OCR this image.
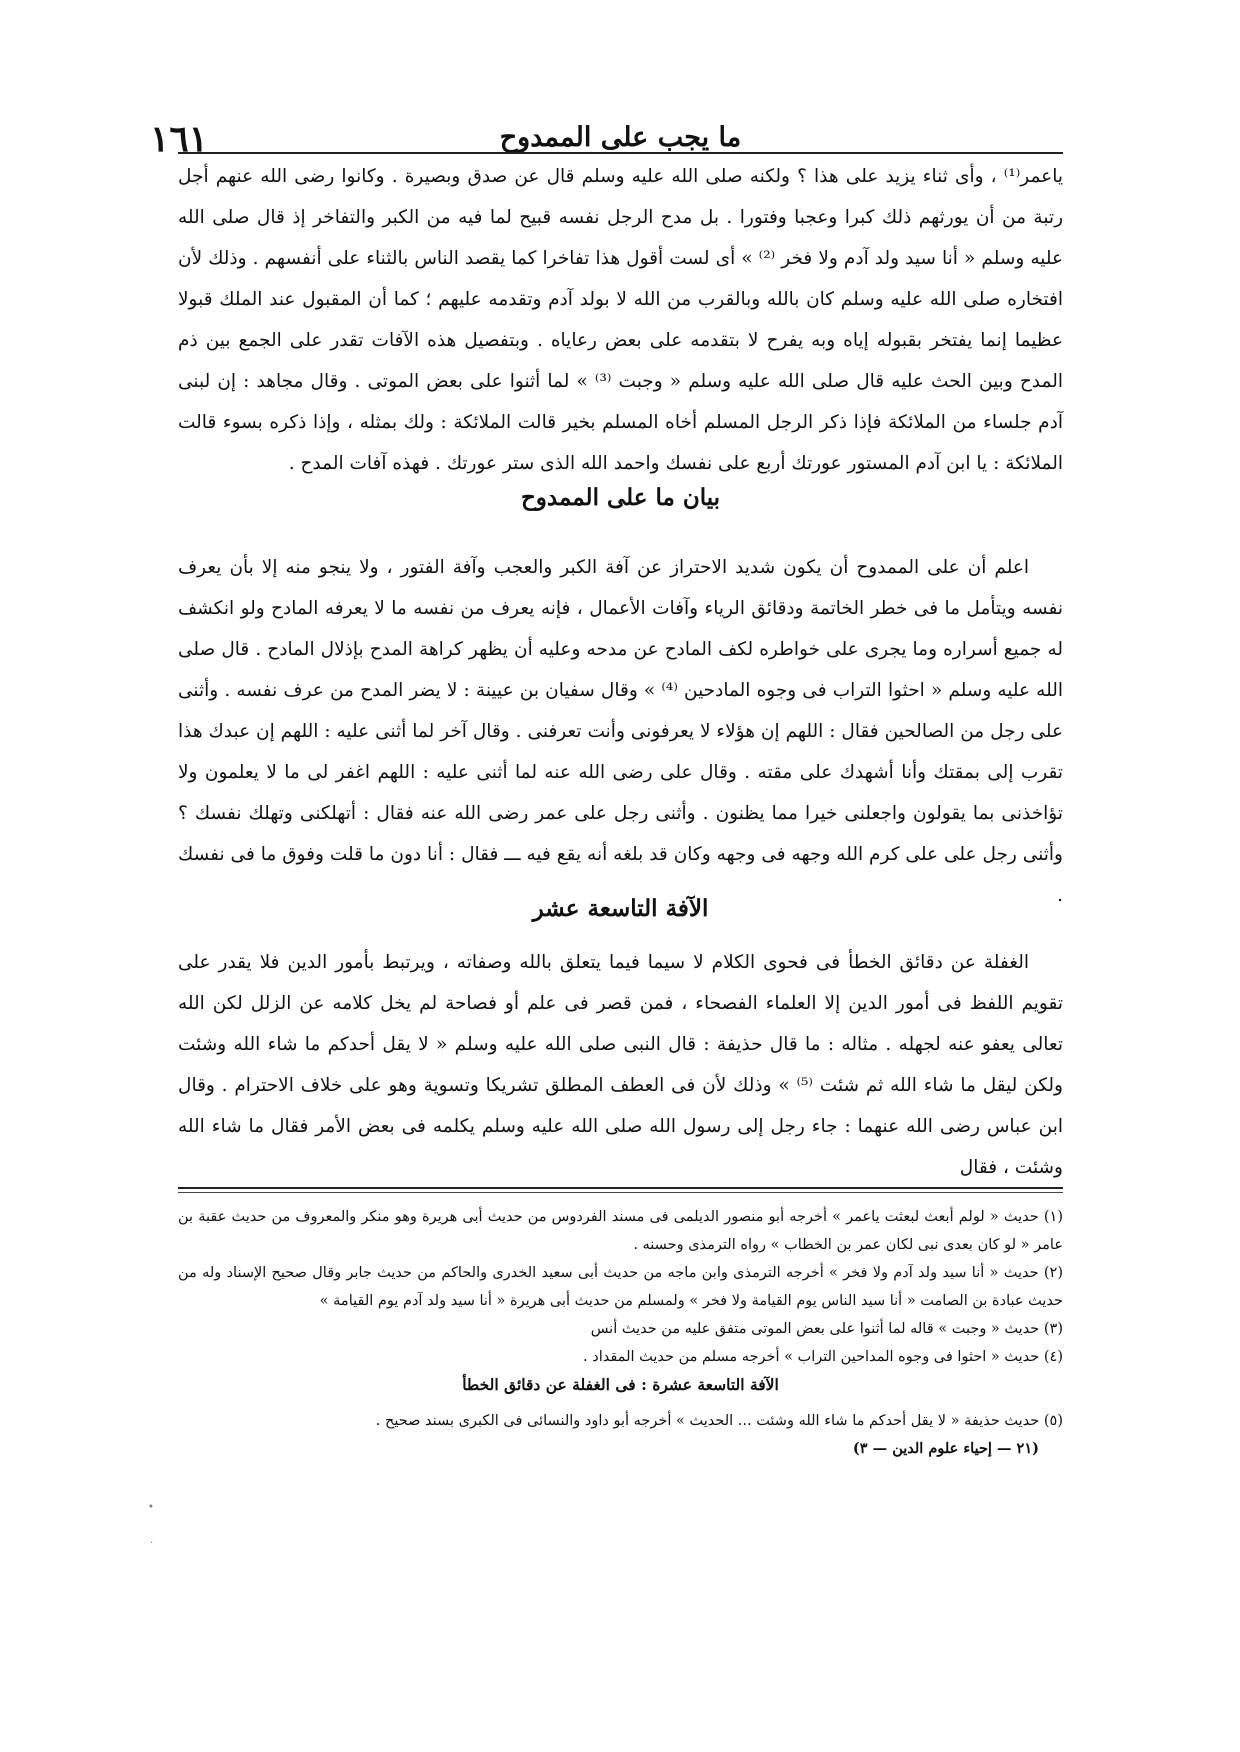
ما يجب على الممدوح
١٦١

ياعمر⁽¹⁾ ، وأى ثناء يزيد على هذا ؟ ولكنه صلى الله عليه وسلم قال عن صدق وبصيرة . وكانوا رضى الله عنهم أجل رتبة من أن يورثهم ذلك كبرا وعجبا وفتورا . بل مدح الرجل نفسه قبيح لما فيه من الكبر والتفاخر إذ قال صلى الله عليه وسلم « أنا سيد ولد آدم ولا فخر ⁽²⁾ » أى لست أقول هذا تفاخرا كما يقصد الناس بالثناء على أنفسهم . وذلك لأن افتخاره صلى الله عليه وسلم كان بالله وبالقرب من الله لا بولد آدم وتقدمه عليهم ؛ كما أن المقبول عند الملك قبولا عظيما إنما يفتخر بقبوله إياه وبه يفرح لا بتقدمه على بعض رعاياه . وبتفصيل هذه الآفات تقدر على الجمع بين ذم المدح وبين الحث عليه قال صلى الله عليه وسلم « وجبت ⁽³⁾ » لما أثنوا على بعض الموتى . وقال مجاهد : إن لبنى آدم جلساء من الملائكة فإذا ذكر الرجل المسلم أخاه المسلم بخير قالت الملائكة : ولك بمثله ، وإذا ذكره بسوء قالت الملائكة : يا ابن آدم المستور عورتك أربع على نفسك واحمد الله الذى ستر عورتك . فهذه آفات المدح .

بيان ما على الممدوح

اعلم أن على الممدوح أن يكون شديد الاحتراز عن آفة الكبر والعجب وآفة الفتور ، ولا ينجو منه إلا بأن يعرف نفسه ويتأمل ما فى خطر الخاتمة ودقائق الرياء وآفات الأعمال ، فإنه يعرف من نفسه ما لا يعرفه المادح ولو انكشف له جميع أسراره وما يجرى على خواطره لكف المادح عن مدحه وعليه أن يظهر كراهة المدح بإذلال المادح . قال صلى الله عليه وسلم « احثوا التراب فى وجوه المادحين ⁽⁴⁾ » وقال سفيان بن عيينة : لا يضر المدح من عرف نفسه . وأثنى على رجل من الصالحين فقال : اللهم إن هؤلاء لا يعرفونى وأنت تعرفنى . وقال آخر لما أثنى عليه : اللهم إن عبدك هذا تقرب إلى بمقتك وأنا أشهدك على مقته . وقال على رضى الله عنه لما أثنى عليه : اللهم اغفر لى ما لا يعلمون ولا تؤاخذنى بما يقولون واجعلنى خيرا مما يظنون . وأثنى رجل على عمر رضى الله عنه فقال : أتهلكنى وتهلك نفسك ؟ وأثنى رجل على على كرم الله وجهه فى وجهه وكان قد بلغه أنه يقع فيه ـــ فقال : أنا دون ما قلت وفوق ما فى نفسك .

الآفة التاسعة عشر

الغفلة عن دقائق الخطأ فى فحوى الكلام لا سيما فيما يتعلق بالله وصفاته ، ويرتبط بأمور الدين فلا يقدر على تقويم اللفظ فى أمور الدين إلا العلماء الفصحاء ، فمن قصر فى علم أو فصاحة لم يخل كلامه عن الزلل لكن الله تعالى يعفو عنه لجهله . مثاله : ما قال حذيفة : قال النبى صلى الله عليه وسلم « لا يقل أحدكم ما شاء الله وشئت ولكن ليقل ما شاء الله ثم شئت ⁽⁵⁾ » وذلك لأن فى العطف المطلق تشريكا وتسوية وهو على خلاف الاحترام . وقال ابن عباس رضى الله عنهما : جاء رجل إلى رسول الله صلى الله عليه وسلم يكلمه فى بعض الأمر فقال ما شاء الله وشئت ، فقال

(١) حديث « لولم أبعث لبعثت ياعمر » أخرجه أبو منصور الديلمى فى مسند الفردوس من حديث أبى هريرة وهو منكر والمعروف من حديث عقبة بن عامر « لو كان بعدى نبى لكان عمر بن الخطاب » رواه الترمذى وحسنه .

(٢) حديث « أنا سيد ولد آدم ولا فخر » أخرجه الترمذى وابن ماجه من حديث أبى سعيد الخدرى والحاكم من حديث جابر وقال صحيح الإسناد وله من حديث عبادة بن الصامت « أنا سيد الناس يوم القيامة ولا فخر » ولمسلم من حديث أبى هريرة « أنا سيد ولد آدم يوم القيامة »

(٣) حديث « وجبت » قاله لما أثنوا على بعض الموتى متفق عليه من حديث أنس

(٤) حديث « احثوا فى وجوه المداحين التراب » أخرجه مسلم من حديث المقداد .

الآفة التاسعة عشرة : فى الغفلة عن دقائق الخطأ

(٥) حديث حذيفة « لا يقل أحدكم ما شاء الله وشئت ... الحديث » أخرجه أبو داود والنسائى فى الكبرى بسند صحيح .

(٢١ — إحياء علوم الدين — ٣)

•
·
